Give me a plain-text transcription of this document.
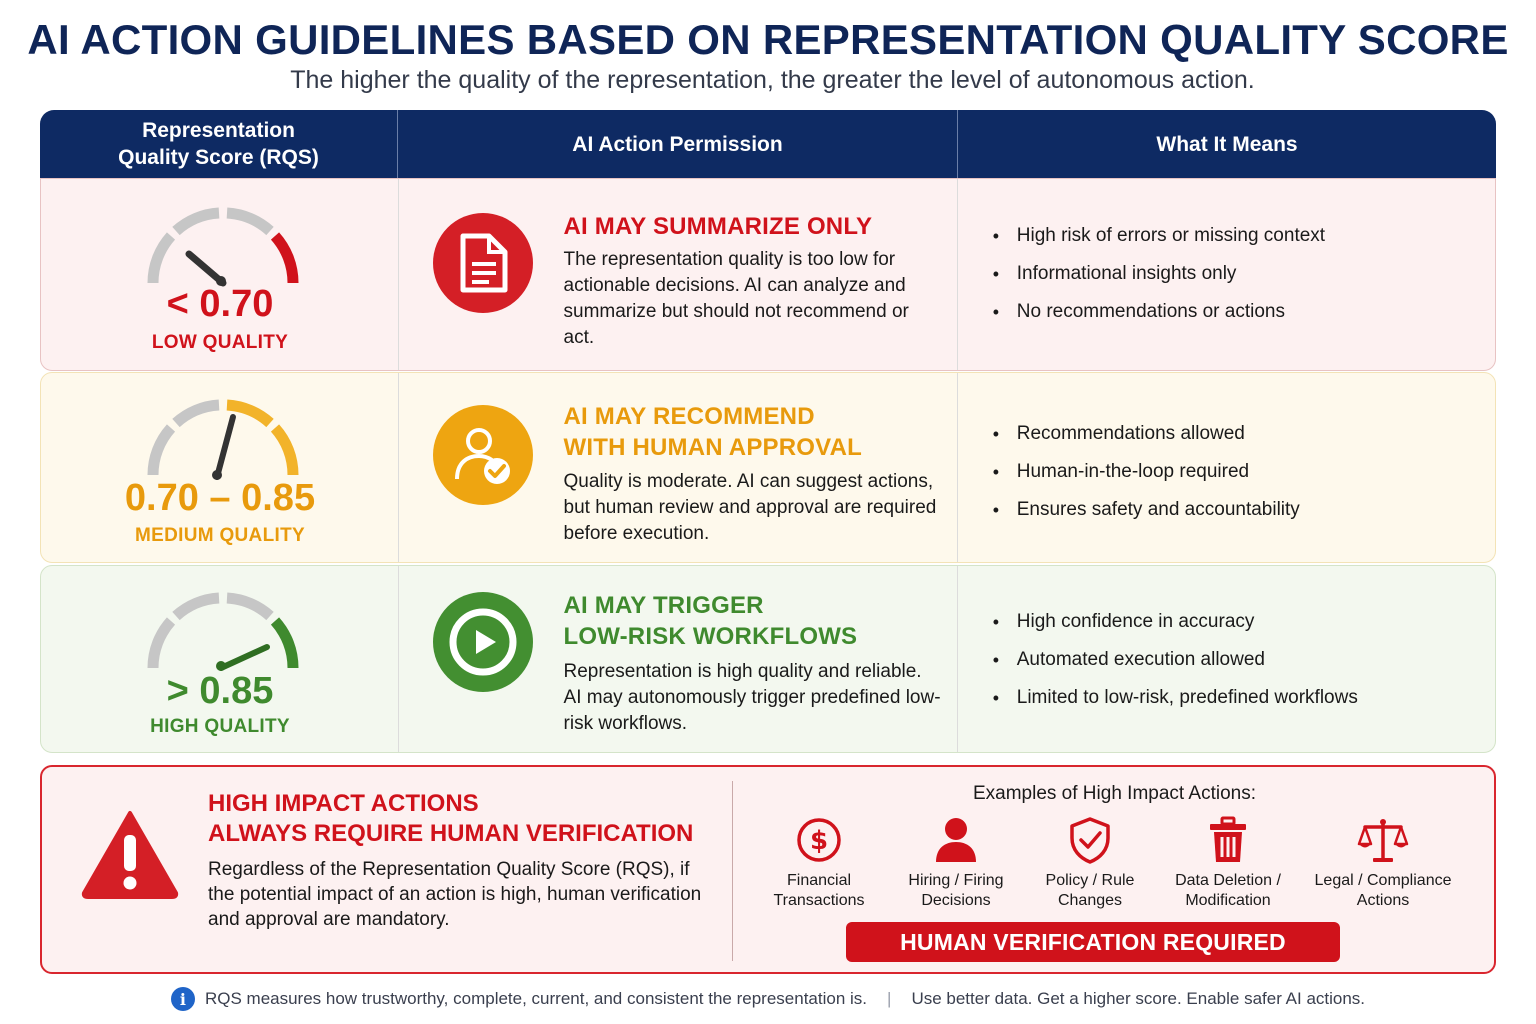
AI ACTION GUIDELINES BASED ON REPRESENTATION QUALITY SCORE
The higher the quality of the representation, the greater the level of autonomous action.
Representation Quality Score (RQS)
AI Action Permission	What It Means
< 0.70
LOW QUALITY
AI MAY SUMMARIZE ONLY
The representation quality is too low for actionable decisions. AI can analyze and summarize but should not recommend or act.
• High risk of errors or missing context
• Informational insights only
• No recommendations or actions
0.70 – 0.85
MEDIUM QUALITY
AI MAY RECOMMEND
WITH HUMAN APPROVAL
Quality is moderate. AI can suggest actions, but human review and approval are required before execution.
• Recommendations allowed
• Human-in-the-loop required
• Ensures safety and accountability
> 0.85
HIGH QUALITY
AI MAY TRIGGER
LOW-RISK WORKFLOWS
Representation is high quality and reliable. AI may autonomously trigger predefined low-risk workflows.
• High confidence in accuracy
• Automated execution allowed
• Limited to low-risk, predefined workflows
HIGH IMPACT ACTIONS
ALWAYS REQUIRE HUMAN VERIFICATION
Regardless of the Representation Quality Score (RQS), if the potential impact of an action is high, human verification and approval are mandatory.
Examples of High Impact Actions:
$
Financial
Transactions
Hiring / Firing
Decisions
Policy / Rule
Changes
Data Deletion /
Modification
Legal / Compliance
Actions
HUMAN VERIFICATION REQUIRED
i	RQS measures how trustworthy, complete, current, and consistent the representation is. | Use better data. Get a higher score. Enable safer AI actions.
